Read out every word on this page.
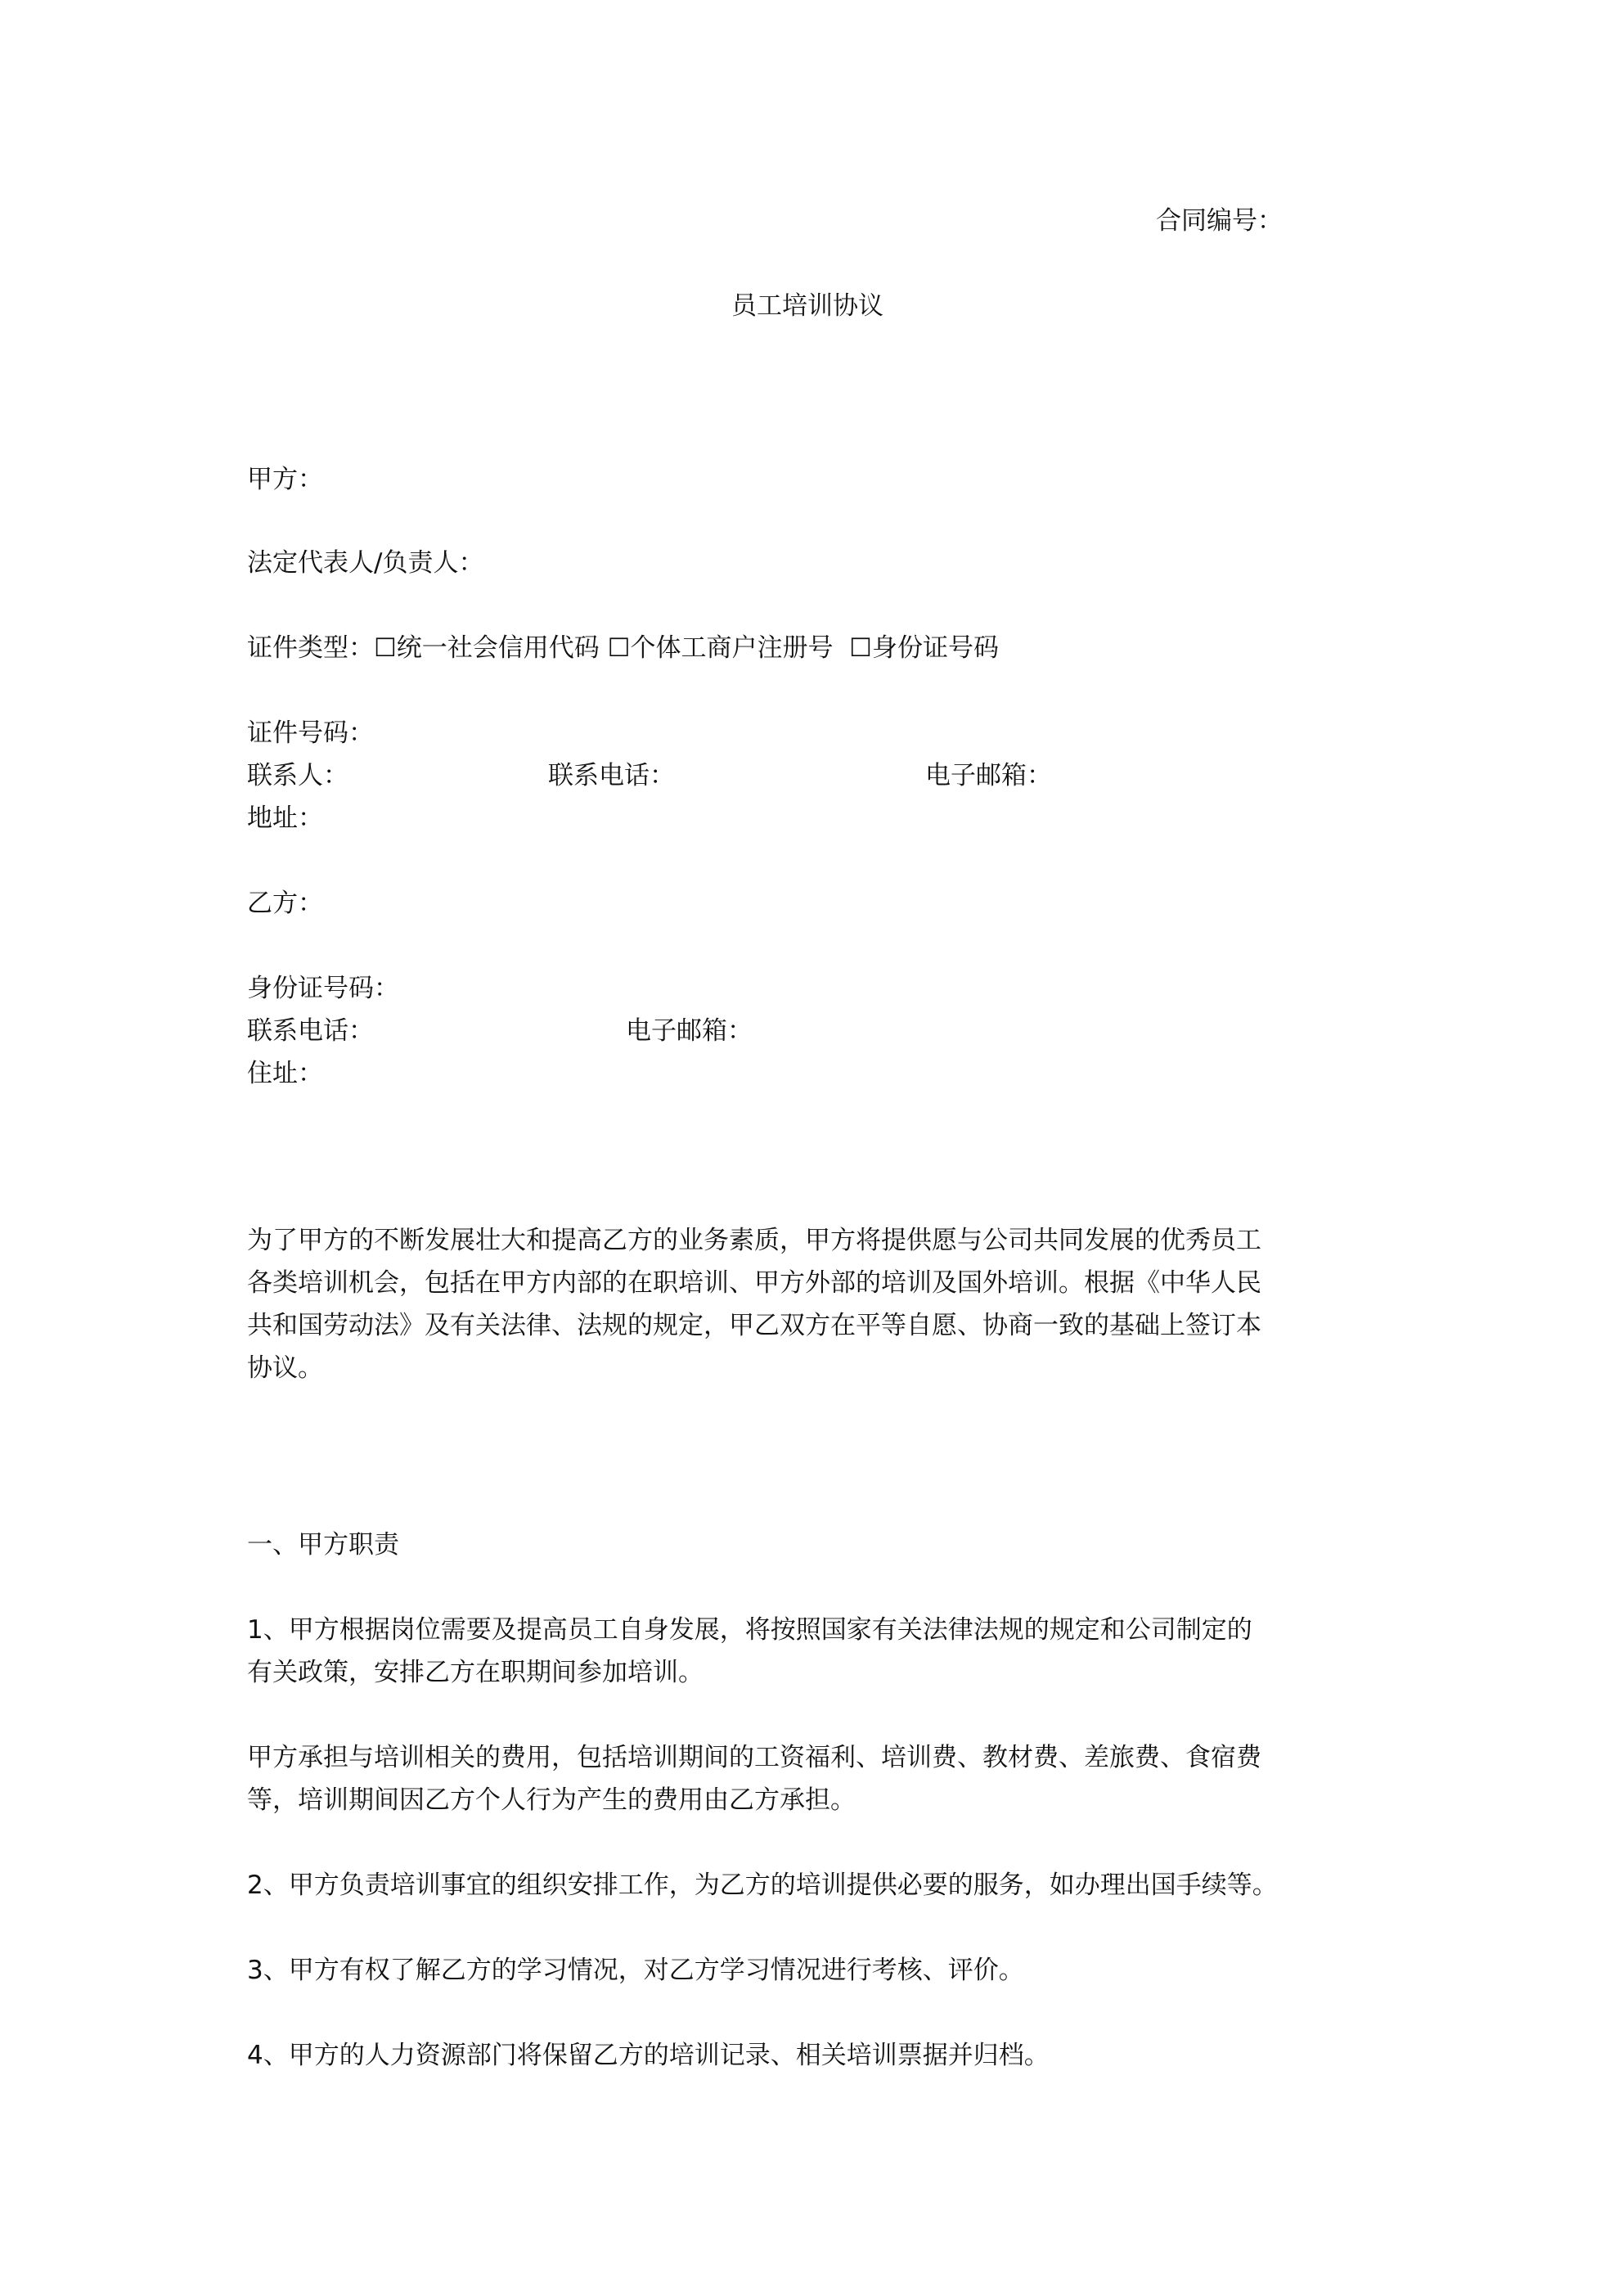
合同编号：
员工培训协议
甲方：
法定代表人/负责人：
证件类型：☐统一社会信用代码 ☐个体工商户注册号 ☐身份证号码
证件号码：
联系人：	联系电话：	电子邮箱：
地址：
乙方：
身份证号码：
联系电话：	电子邮箱：
住址：

为了甲方的不断发展壮大和提高乙方的业务素质，甲方将提供愿与公司共同发展的优秀员工

各类培训机会，包括在甲方内部的在职培训、甲方外部的培训及国外培训。根据《中华人民

共和国劳动法》及有关法律、法规的规定，甲乙双方在平等自愿、协商一致的基础上签订本

协议。

一、甲方职责

1、甲方根据岗位需要及提高员工自身发展，将按照国家有关法律法规的规定和公司制定的

有关政策，安排乙方在职期间参加培训。

甲方承担与培训相关的费用，包括培训期间的工资福利、培训费、教材费、差旅费、食宿费

等，培训期间因乙方个人行为产生的费用由乙方承担。

2、甲方负责培训事宜的组织安排工作，为乙方的培训提供必要的服务，如办理出国手续等。
3、甲方有权了解乙方的学习情况，对乙方学习情况进行考核、评价。
4、甲方的人力资源部门将保留乙方的培训记录、相关培训票据并归档。
